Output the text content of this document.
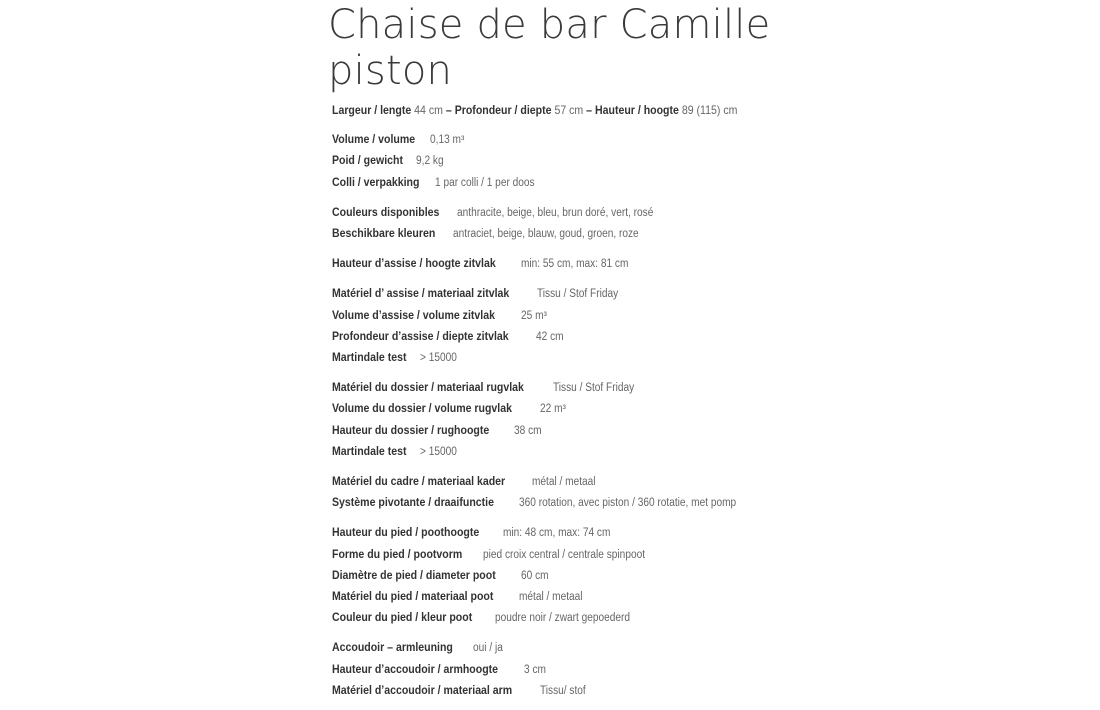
Chaise de bar Camille piston
Largeur / lengte 44 cm – Profondeur / diepte 57 cm – Hauteur / hoogte 89 (115) cm
Volume / volume 0,13 m³
Poid / gewicht 9,2 kg
Colli / verpakking 1 par colli / 1 per doos
Couleurs disponibles anthracite, beige, bleu, brun doré, vert, rosé
Beschikbare kleuren antraciet, beige, blauw, goud, groen, roze
Hauteur d’assise / hoogte zitvlak min: 55 cm, max: 81 cm
Matériel d’ assise / materiaal zitvlak Tissu / Stof Friday
Volume d’assise / volume zitvlak 25 m³
Profondeur d’assise / diepte zitvlak 42 cm
Martindale test > 15000
Matériel du dossier / materiaal rugvlak	Tissu / Stof Friday
Volume du dossier / volume rugvlak 22 m³
Hauteur du dossier / rughoogte 38 cm
Martindale test > 15000
Matériel du cadre / materiaal kader métal / metaal
Système pivotante / draaifunctie 360 rotation, avec piston / 360 rotatie, met pomp
Hauteur du pied / poothoogte min: 48 cm, max: 74 cm
Forme du pied / pootvorm pied croix central / centrale spinpoot
Diamètre de pied / diameter poot 60 cm
Matériel du pied / materiaal poot métal / metaal
Couleur du pied / kleur poot poudre noir / zwart gepoederd
Accoudoir – armleuning oui / ja
Hauteur d’accoudoir / armhoogte 3 cm
Matériel d’accoudoir / materiaal arm Tissu/ stof
